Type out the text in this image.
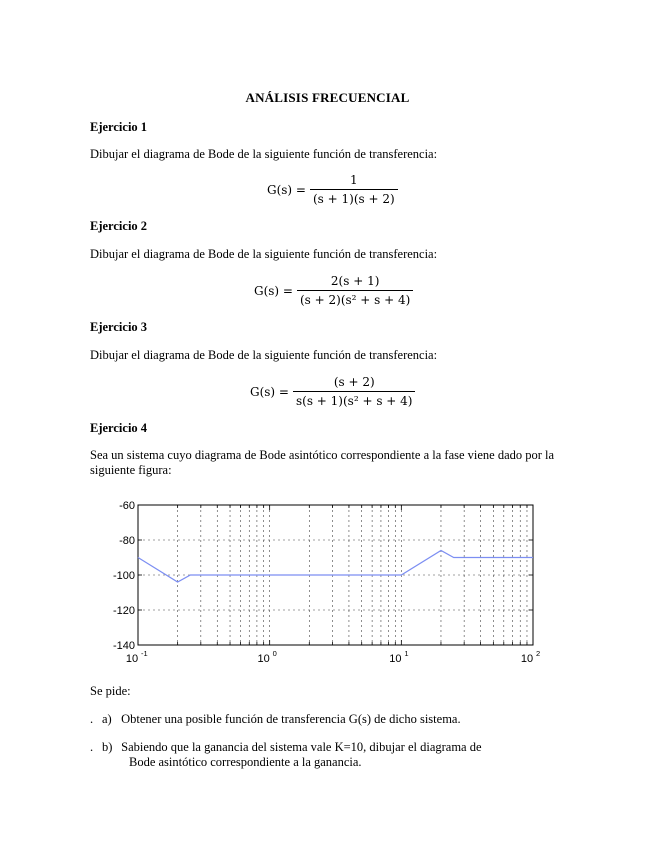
ANÁLISIS FRECUENCIAL
Ejercicio 1
Dibujar el diagrama de Bode de la siguiente función de transferencia:
$G(s) = \frac{1}{(s + 1)(s + 2)}$
Ejercicio 2
Dibujar el diagrama de Bode de la siguiente función de transferencia:
$G(s) = \frac{2(s + 1)}{\text{(s + 2)(s² + s + 4)}}$
Ejercicio 3
Dibujar el diagrama de Bode de la siguiente función de transferencia:
$G(s) = \frac{(s + 2)}{\text{s(s + 1)(s² + s + 4)}}$
Ejercicio 4
Sea un sistema cuyo diagrama de Bode asintótico correspondiente a la fase viene dado por la siguiente figura:
10 -1	10 0	10 1	10 2
-60
-80
-100
-120
-140
Se pide:
. a) Obtener una posible función de transferencia G(s) de dicho sistema.
. b) Sabiendo que la ganancia del sistema vale K=10, dibujar el diagrama de
Bode asintótico correspondiente a la ganancia.
